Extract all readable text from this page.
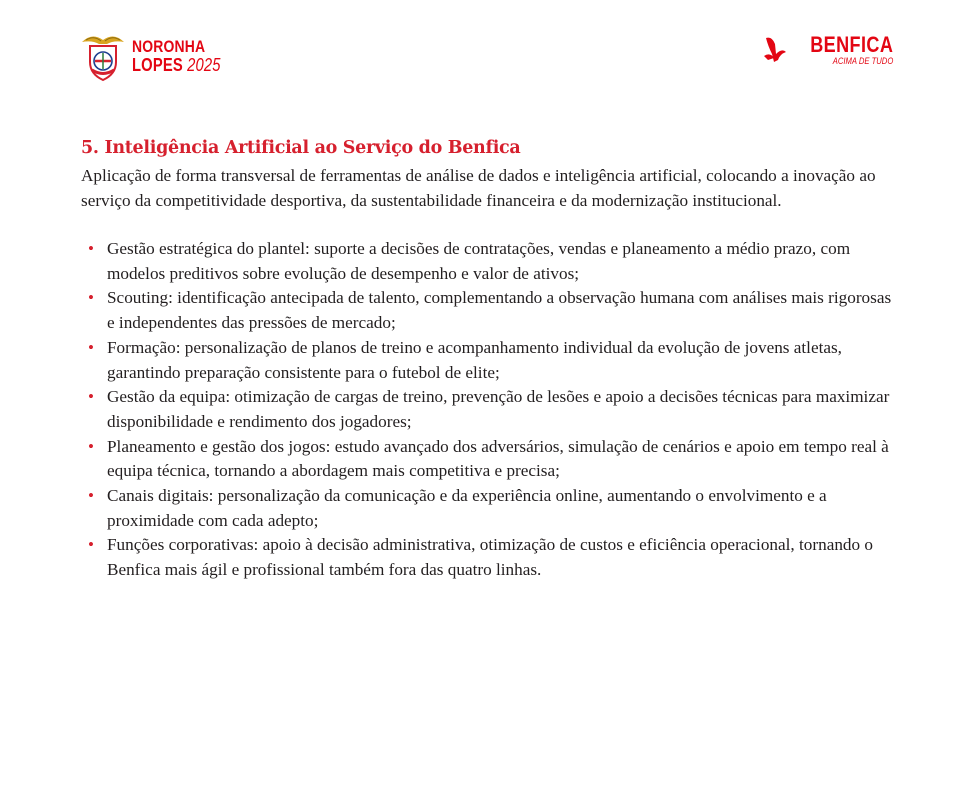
NORONHA
LOPES 2025
BENFICA
ACIMA DE TUDO
5. Inteligência Artificial ao Serviço do Benfica

Aplicação de forma transversal de ferramentas de análise de dados e inteligência artificial, colocando a inovação ao serviço da competitividade desportiva, da sustentabilidade financeira e da modernização institucional.

• Gestão estratégica do plantel: suporte a decisões de contratações, vendas e planeamento a médio prazo, com modelos preditivos sobre evolução de desempenho e valor de ativos;
• Scouting: identificação antecipada de talento, complementando a observação humana com análises mais rigorosas e independentes das pressões de mercado;
• Formação: personalização de planos de treino e acompanhamento individual da evolução de jovens atletas, garantindo preparação consistente para o futebol de elite;
• Gestão da equipa: otimização de cargas de treino, prevenção de lesões e apoio a decisões técnicas para maximizar disponibilidade e rendimento dos jogadores;
• Planeamento e gestão dos jogos: estudo avançado dos adversários, simulação de cenários e apoio em tempo real à equipa técnica, tornando a abordagem mais competitiva e precisa;
• Canais digitais: personalização da comunicação e da experiência online, aumentando o envolvimento e a proximidade com cada adepto;
• Funções corporativas: apoio à decisão administrativa, otimização de custos e eficiência operacional, tornando o Benfica mais ágil e profissional também fora das quatro linhas.
